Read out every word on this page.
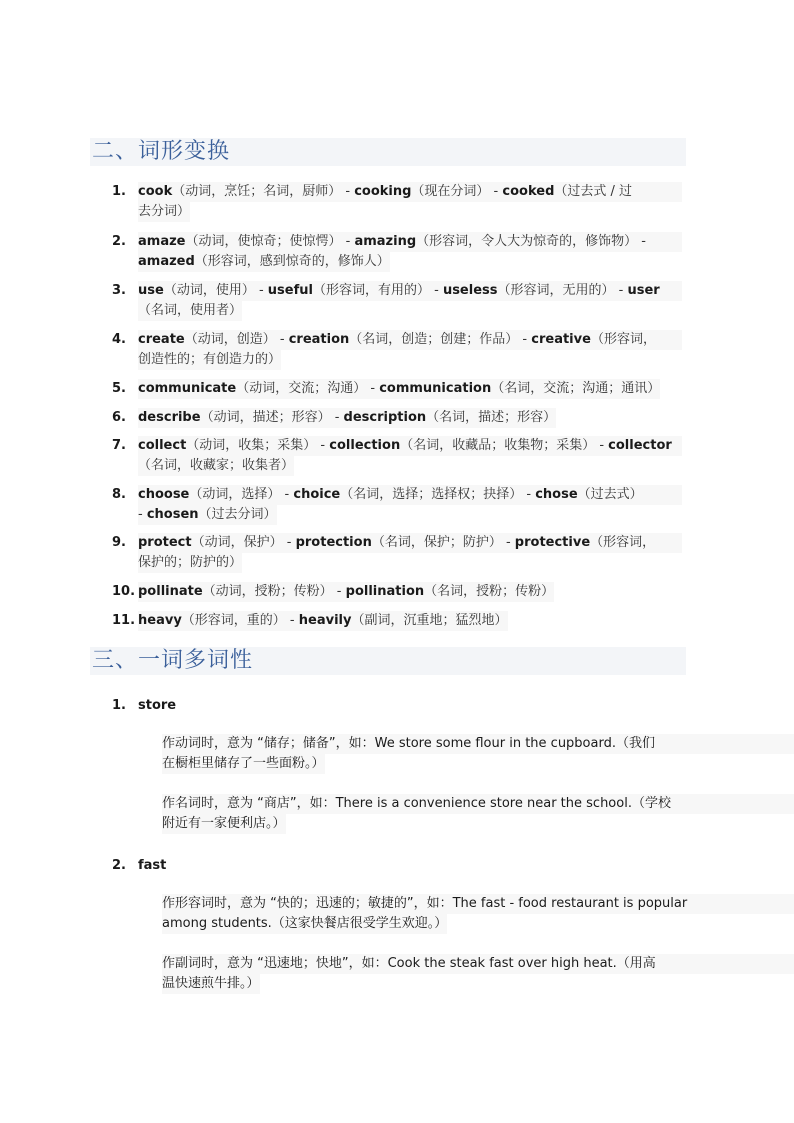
二、词形变换
1. cook（动词，烹饪；名词，厨师） - cooking（现在分词） - cooked（过去式 / 过
去分词）
2. amaze（动词，使惊奇；使惊愕） - amazing（形容词，令人大为惊奇的，修饰物） -
amazed（形容词，感到惊奇的，修饰人）
3. use（动词，使用） - useful（形容词，有用的） - useless（形容词，无用的） - user
（名词，使用者）
4. create（动词，创造） - creation（名词，创造；创建；作品） - creative（形容词，
创造性的；有创造力的）
5. communicate（动词，交流；沟通） - communication（名词，交流；沟通；通讯）
6. describe（动词，描述；形容） - description（名词，描述；形容）
7. collect（动词，收集；采集） - collection（名词，收藏品；收集物；采集） - collector
（名词，收藏家；收集者）
8. choose（动词，选择） - choice（名词，选择；选择权；抉择） - chose（过去式）
- chosen（过去分词）
9. protect（动词，保护） - protection（名词，保护；防护） - protective（形容词，
保护的；防护的）
10. pollinate（动词，授粉；传粉） - pollination（名词，授粉；传粉）
11. heavy（形容词，重的） - heavily（副词，沉重地；猛烈地）
三、一词多词性
1. store
作动词时，意为 “储存；储备”，如：We store some flour in the cupboard.（我们
在橱柜里储存了一些面粉。）
作名词时，意为 “商店”，如：There is a convenience store near the school.（学校
附近有一家便利店。）
2. fast
作形容词时，意为 “快的；迅速的；敏捷的”，如：The fast - food restaurant is popular
among students.（这家快餐店很受学生欢迎。）
作副词时，意为 “迅速地；快地”，如：Cook the steak fast over high heat.（用高
温快速煎牛排。）
